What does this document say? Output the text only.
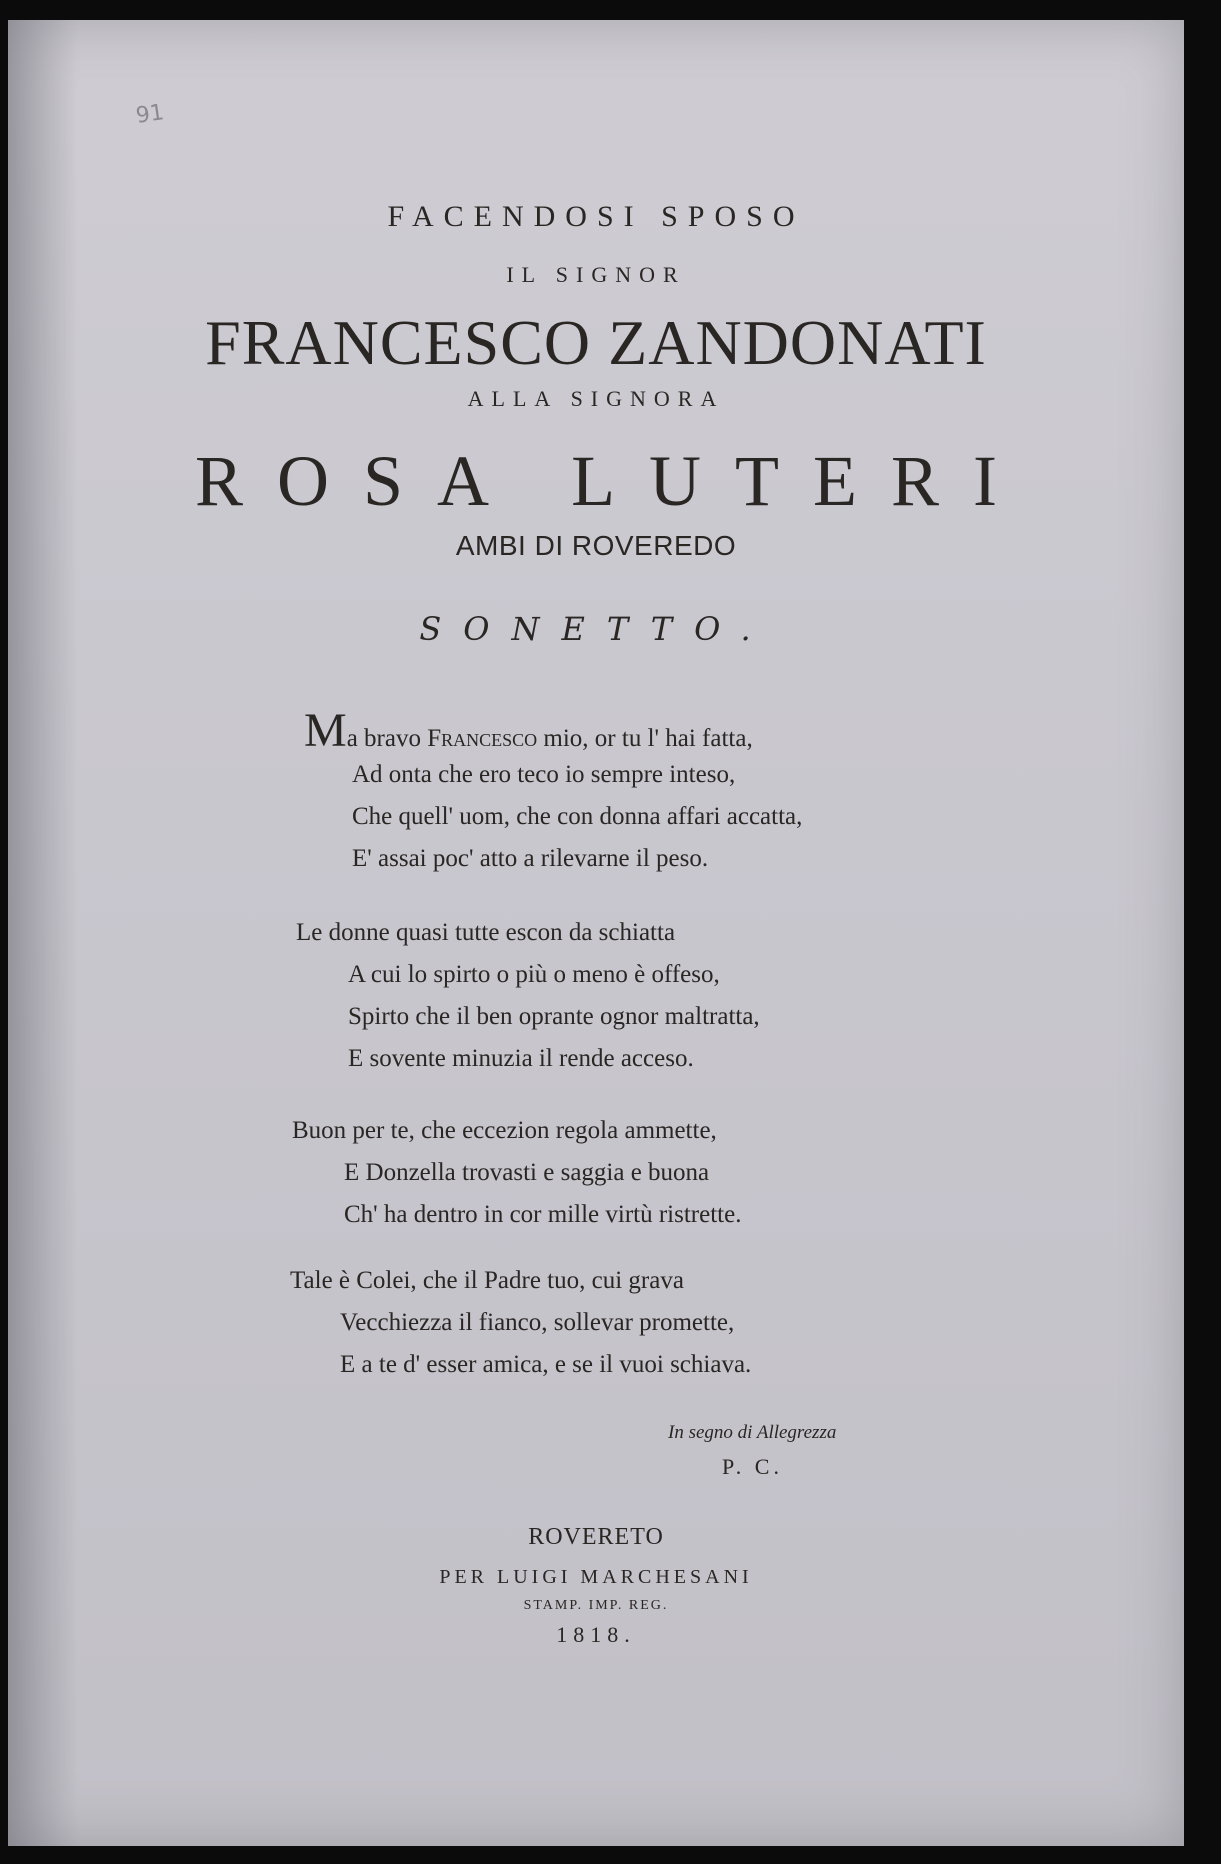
91
FACENDOSI SPOSO
IL SIGNOR
FRANCESCO ZANDONATI
ALLA SIGNORA
ROSA LUTERI
AMBI DI ROVEREDO
SONETTO.
Ma bravo Francesco mio, or tu l' hai fatta,
Ad onta che ero teco io sempre inteso,
Che quell' uom, che con donna affari accatta,
E' assai poc' atto a rilevarne il peso.
Le donne quasi tutte escon da schiatta
A cui lo spirto o più o meno è offeso,
Spirto che il ben oprante ognor maltratta,
E sovente minuzia il rende acceso.
Buon per te, che eccezion regola ammette,
E Donzella trovasti e saggia e buona
Ch' ha dentro in cor mille virtù ristrette.
Tale è Colei, che il Padre tuo, cui grava
Vecchiezza il fianco, sollevar promette,
E a te d' esser amica, e se il vuoi schiava.
In segno di Allegrezza
P. C.
ROVERETO
PER LUIGI MARCHESANI
STAMP. IMP. REG.
1818.
